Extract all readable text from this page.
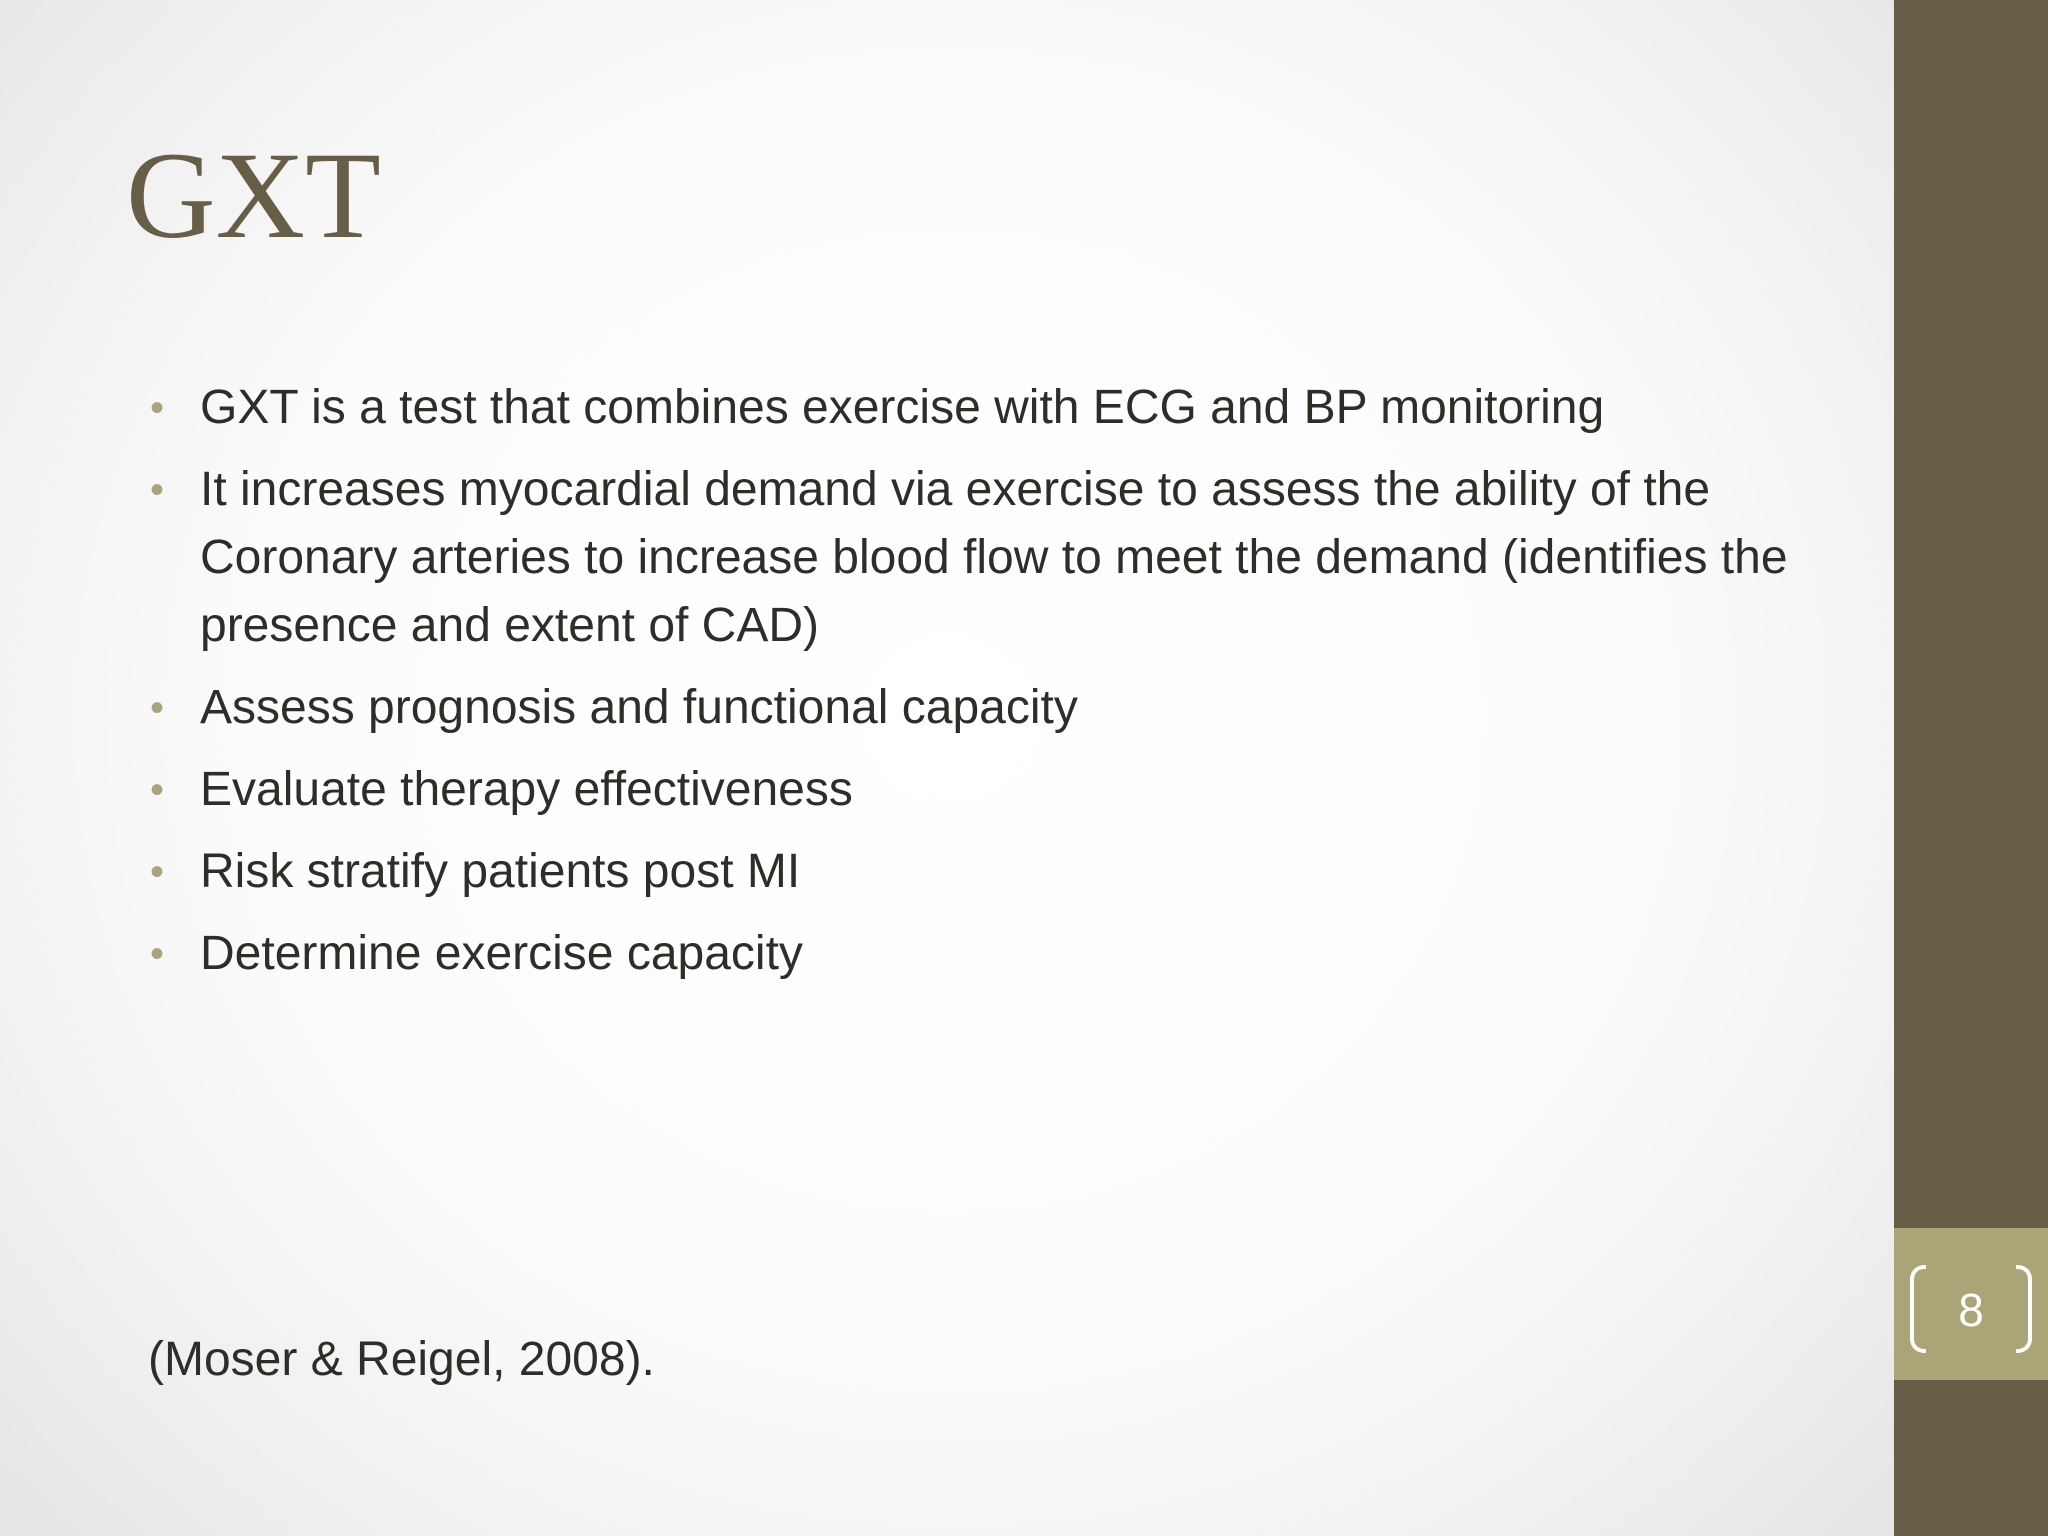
8
GXT
• GXT is a test that combines exercise with ECG and BP monitoring
• It increases myocardial demand via exercise to assess the ability of the Coronary arteries to increase blood flow to meet the demand (identifies the presence and extent of CAD)
• Assess prognosis and functional capacity
• Evaluate therapy effectiveness
• Risk stratify patients post MI
• Determine exercise capacity
(Moser & Reigel, 2008).
